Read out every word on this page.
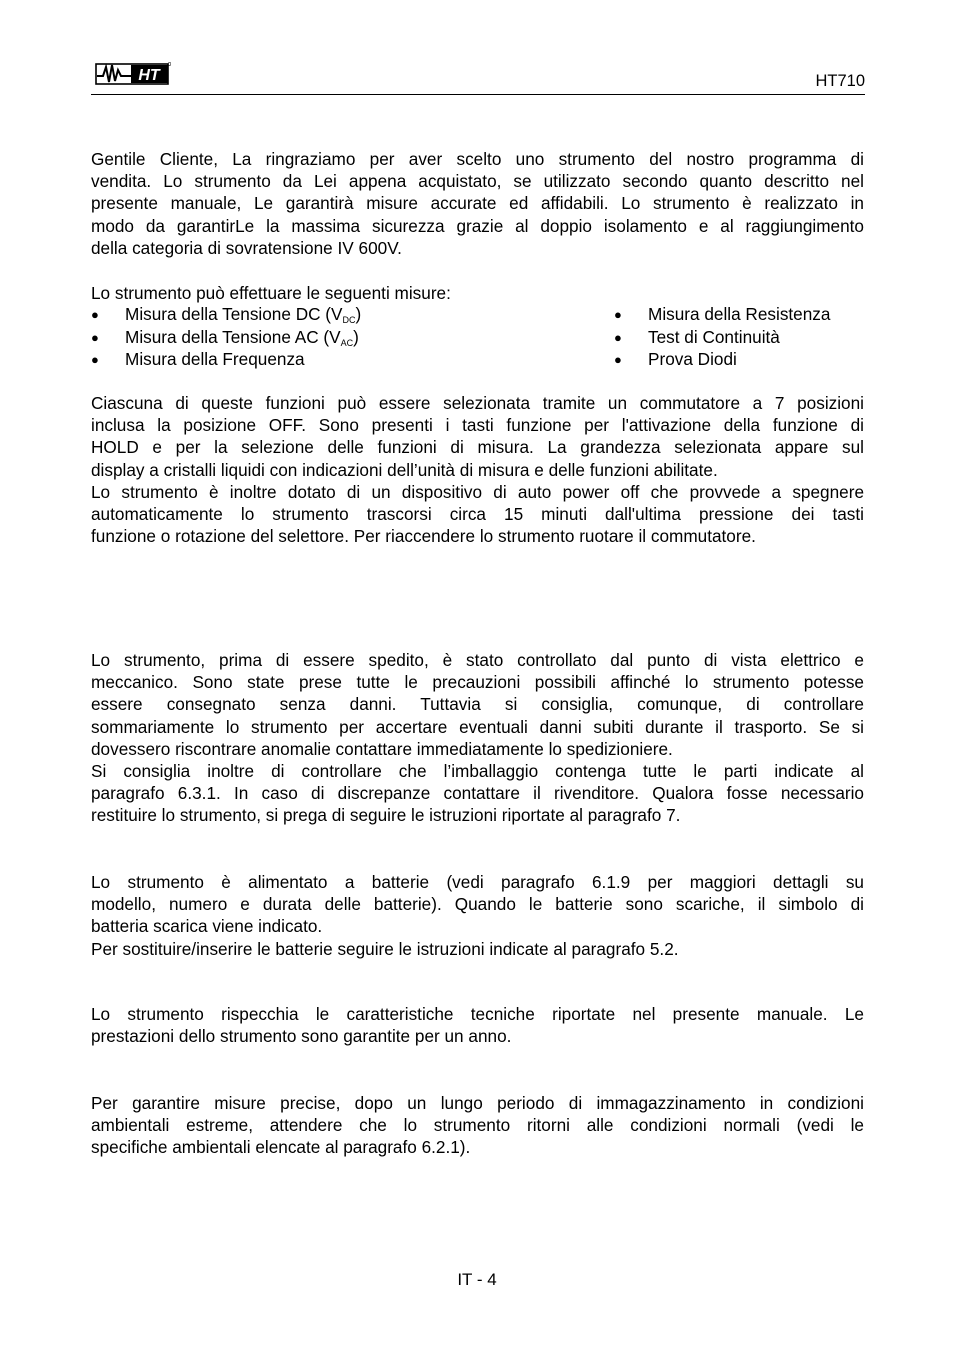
HT	HT710
Gentile Cliente, La ringraziamo per aver scelto uno strumento del nostro programma di
vendita. Lo strumento da Lei appena acquistato, se utilizzato secondo quanto descritto nel
presente manuale, Le garantirà misure accurate ed affidabili. Lo strumento è realizzato in
modo da garantirLe la massima sicurezza grazie al doppio isolamento e al raggiungimento
della categoria di sovratensione IV 600V.
Lo strumento può effettuare le seguenti misure:
● Misura della Tensione DC $(V_{DC})$
● Misura della Tensione AC $(V_{AC})$
● Misura della Frequenza
● Misura della Resistenza
● Test di Continuità
● Prova Diodi
Ciascuna di queste funzioni può essere selezionata tramite un commutatore a 7 posizioni
inclusa la posizione OFF. Sono presenti i tasti funzione per l'attivazione della funzione di
HOLD e per la selezione delle funzioni di misura. La grandezza selezionata appare sul
display a cristalli liquidi con indicazioni dell’unità di misura e delle funzioni abilitate.
Lo strumento è inoltre dotato di un dispositivo di auto power off che provvede a spegnere
automaticamente lo strumento trascorsi circa 15 minuti dall'ultima pressione dei tasti
funzione o rotazione del selettore. Per riaccendere lo strumento ruotare il commutatore.
Lo strumento, prima di essere spedito, è stato controllato dal punto di vista elettrico e
meccanico. Sono state prese tutte le precauzioni possibili affinché lo strumento potesse
essere consegnato senza danni. Tuttavia si consiglia, comunque, di controllare
sommariamente lo strumento per accertare eventuali danni subiti durante il trasporto. Se si
dovessero riscontrare anomalie contattare immediatamente lo spedizioniere.
Si consiglia inoltre di controllare che l’imballaggio contenga tutte le parti indicate al
paragrafo 6.3.1. In caso di discrepanze contattare il rivenditore. Qualora fosse necessario
restituire lo strumento, si prega di seguire le istruzioni riportate al paragrafo 7.
Lo strumento è alimentato a batterie (vedi paragrafo 6.1.9 per maggiori dettagli su
modello, numero e durata delle batterie). Quando le batterie sono scariche, il simbolo di
batteria scarica viene indicato.
Per sostituire/inserire le batterie seguire le istruzioni indicate al paragrafo 5.2.
Lo strumento rispecchia le caratteristiche tecniche riportate nel presente manuale. Le
prestazioni dello strumento sono garantite per un anno.
Per garantire misure precise, dopo un lungo periodo di immagazzinamento in condizioni
ambientali estreme, attendere che lo strumento ritorni alle condizioni normali (vedi le
specifiche ambientali elencate al paragrafo 6.2.1).
IT - 4
